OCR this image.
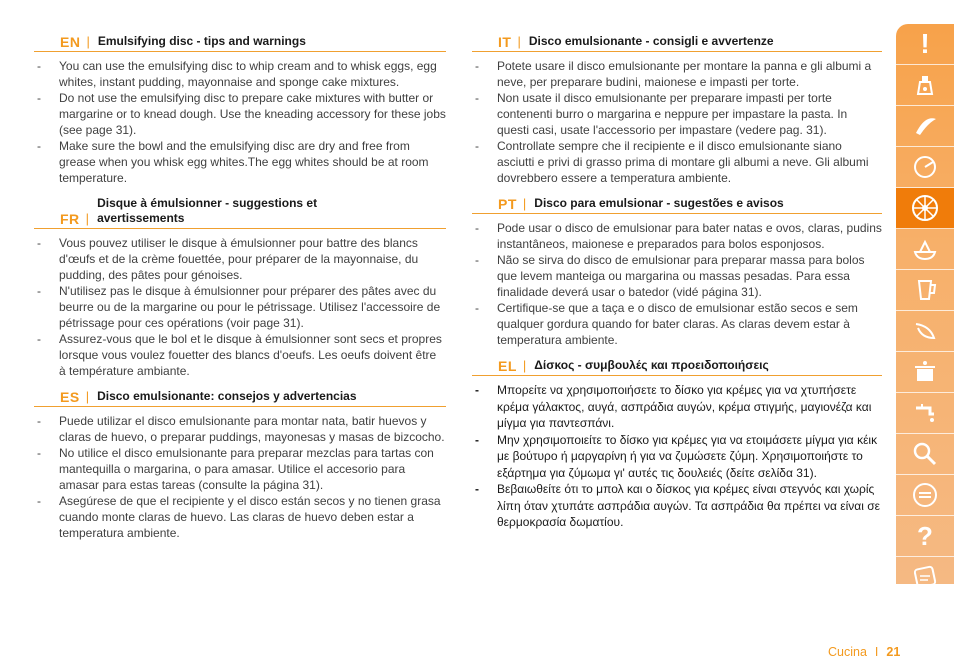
EN | Emulsifying disc - tips and warnings
- You can use the emulsifying disc to whip cream and to whisk eggs, egg whites, instant pudding, mayonnaise and sponge cake mixtures.
- Do not use the emulsifying disc to prepare cake mixtures with butter or margarine or to knead dough. Use the kneading accessory for these jobs (see page 31).
- Make sure the bowl and the emulsifying disc are dry and free from grease when you whisk egg whites.The egg whites should be at room temperature.
FR |
Disque à émulsionner - suggestions et avertissements
- Vous pouvez utiliser le disque à émulsionner pour battre des blancs d'œufs et de la crème fouettée, pour préparer de la mayonnaise, du pudding, des pâtes pour génoises.
- N'utilisez pas le disque à émulsionner pour préparer des pâtes avec du beurre ou de la margarine ou pour le pétrissage. Utilisez l'accessoire de pétrissage pour ces opérations (voir page 31).
- Assurez-vous que le bol et le disque à émulsionner sont secs et propres lorsque vous voulez fouetter des blancs d'oeufs. Les oeufs doivent être à température ambiante.
ES | Disco emulsionante: consejos y advertencias
- Puede utilizar el disco emulsionante para montar nata, batir huevos y claras de huevo, o preparar puddings, mayonesas y masas de bizcocho.
- No utilice el disco emulsionante para preparar mezclas para tartas con mantequilla o margarina, o para amasar. Utilice el accesorio para amasar para estas tareas (consulte la página 31).
- Asegúrese de que el recipiente y el disco están secos y no tienen grasa cuando monte claras de huevo. Las claras de huevo deben estar a temperatura ambiente.
IT | Disco emulsionante - consigli e avvertenze
- Potete usare il disco emulsionante per montare la panna e gli albumi a neve, per preparare budini, maionese e impasti per torte.
- Non usate il disco emulsionante per preparare impasti per torte contenenti burro o margarina e neppure per impastare la pasta. In questi casi, usate l'accessorio per impastare (vedere pag. 31).
- Controllate sempre che il recipiente e il disco emulsionante siano asciutti e privi di grasso prima di montare gli albumi a neve. Gli albumi dovrebbero essere a temperatura ambiente.
PT | Disco para emulsionar - sugestões e avisos
- Pode usar o disco de emulsionar para bater natas e ovos, claras, pudins instantâneos, maionese e preparados para bolos esponjosos.
- Não se sirva do disco de emulsionar para preparar massa para bolos que levem manteiga ou margarina ou massas pesadas. Para essa finalidade deverá usar o batedor (vidé página 31).
- Certifique-se que a taça e o disco de emulsionar estão secos e sem qualquer gordura quando for bater claras. As claras devem estar à temperatura ambiente.
EL | Δίσκος - συμβουλές και προειδοποιήσεις
- Μπορείτε να χρησιμοποιήσετε το δίσκο για κρέμες για να χτυπήσετε κρέμα γάλακτος, αυγά, ασπράδια αυγών, κρέμα στιγμής, μαγιονέζα και μίγμα για παντεσπάνι.
- Μην χρησιμοποιείτε το δίσκο για κρέμες για να ετοιμάσετε μίγμα για κέικ με βούτυρο ή μαργαρίνη ή για να ζυμώσετε ζύμη. Χρησιμοποιήστε το εξάρτημα για ζύμωμα γι' αυτές τις δουλειές (δείτε σελίδα 31).
- Βεβαιωθείτε ότι το μπολ και ο δίσκος για κρέμες είναι στεγνός και χωρίς λίπη όταν χτυπάτε ασπράδια αυγών. Τα ασπράδια θα πρέπει να είναι σε θερμοκρασία δωματίου.
!
?
Cucina I 21
